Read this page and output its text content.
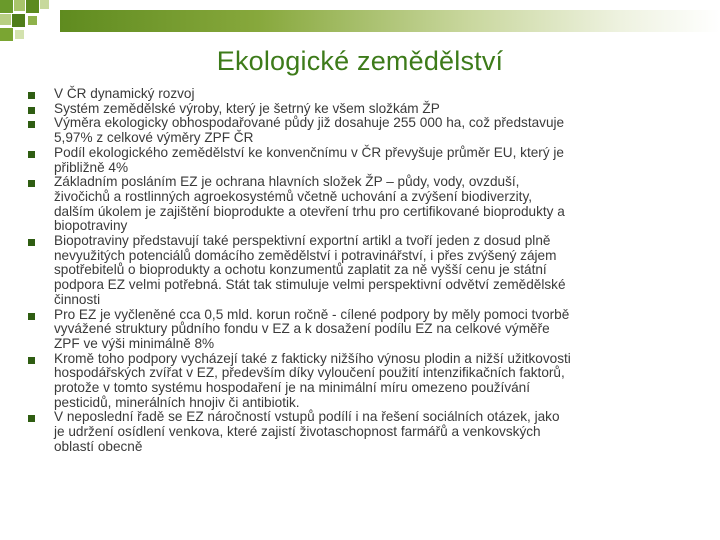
Ekologické zemědělství
V ČR dynamický rozvoj
Systém zemědělské výroby, který je šetrný ke všem složkám ŽP
Výměra ekologicky obhospodařované půdy již dosahuje 255 000 ha, což představuje
5,97% z celkové výměry ZPF ČR
Podíl ekologického zemědělství ke konvenčnímu v ČR převyšuje průměr EU, který je
přibližně 4%
Základním posláním EZ je ochrana hlavních složek ŽP – půdy, vody, ovzduší,
živočichů a rostlinných agroekosystémů včetně uchování a zvýšení biodiverzity,
dalším úkolem je zajištění bioprodukte a otevření trhu pro certifikované bioprodukty a
biopotraviny
Biopotraviny představují také perspektivní exportní artikl a tvoří jeden z dosud plně
nevyužitých potenciálů domácího zemědělství i potravinářství, i přes zvýšený zájem
spotřebitelů o bioprodukty a ochotu konzumentů zaplatit za ně vyšší cenu je státní
podpora EZ velmi potřebná. Stát tak stimuluje velmi perspektivní odvětví zemědělské
činnosti
Pro EZ je vyčleněné cca 0,5 mld. korun ročně - cílené podpory by měly pomoci tvorbě
vyvážené struktury půdního fondu v EZ a k dosažení podílu EZ na celkové výměře
ZPF ve výši minimálně 8%
Kromě toho podpory vycházejí také z fakticky nižšího výnosu plodin a nižší užitkovosti
hospodářských zvířat v EZ, především díky vyloučení použití intenzifikačních faktorů,
protože v tomto systému hospodaření je na minimální míru omezeno používání
pesticidů, minerálních hnojiv či antibiotik.
V neposlední řadě se EZ náročností vstupů podílí i na řešení sociálních otázek, jako
je udržení osídlení venkova, které zajistí životaschopnost farmářů a venkovských
oblastí obecně
